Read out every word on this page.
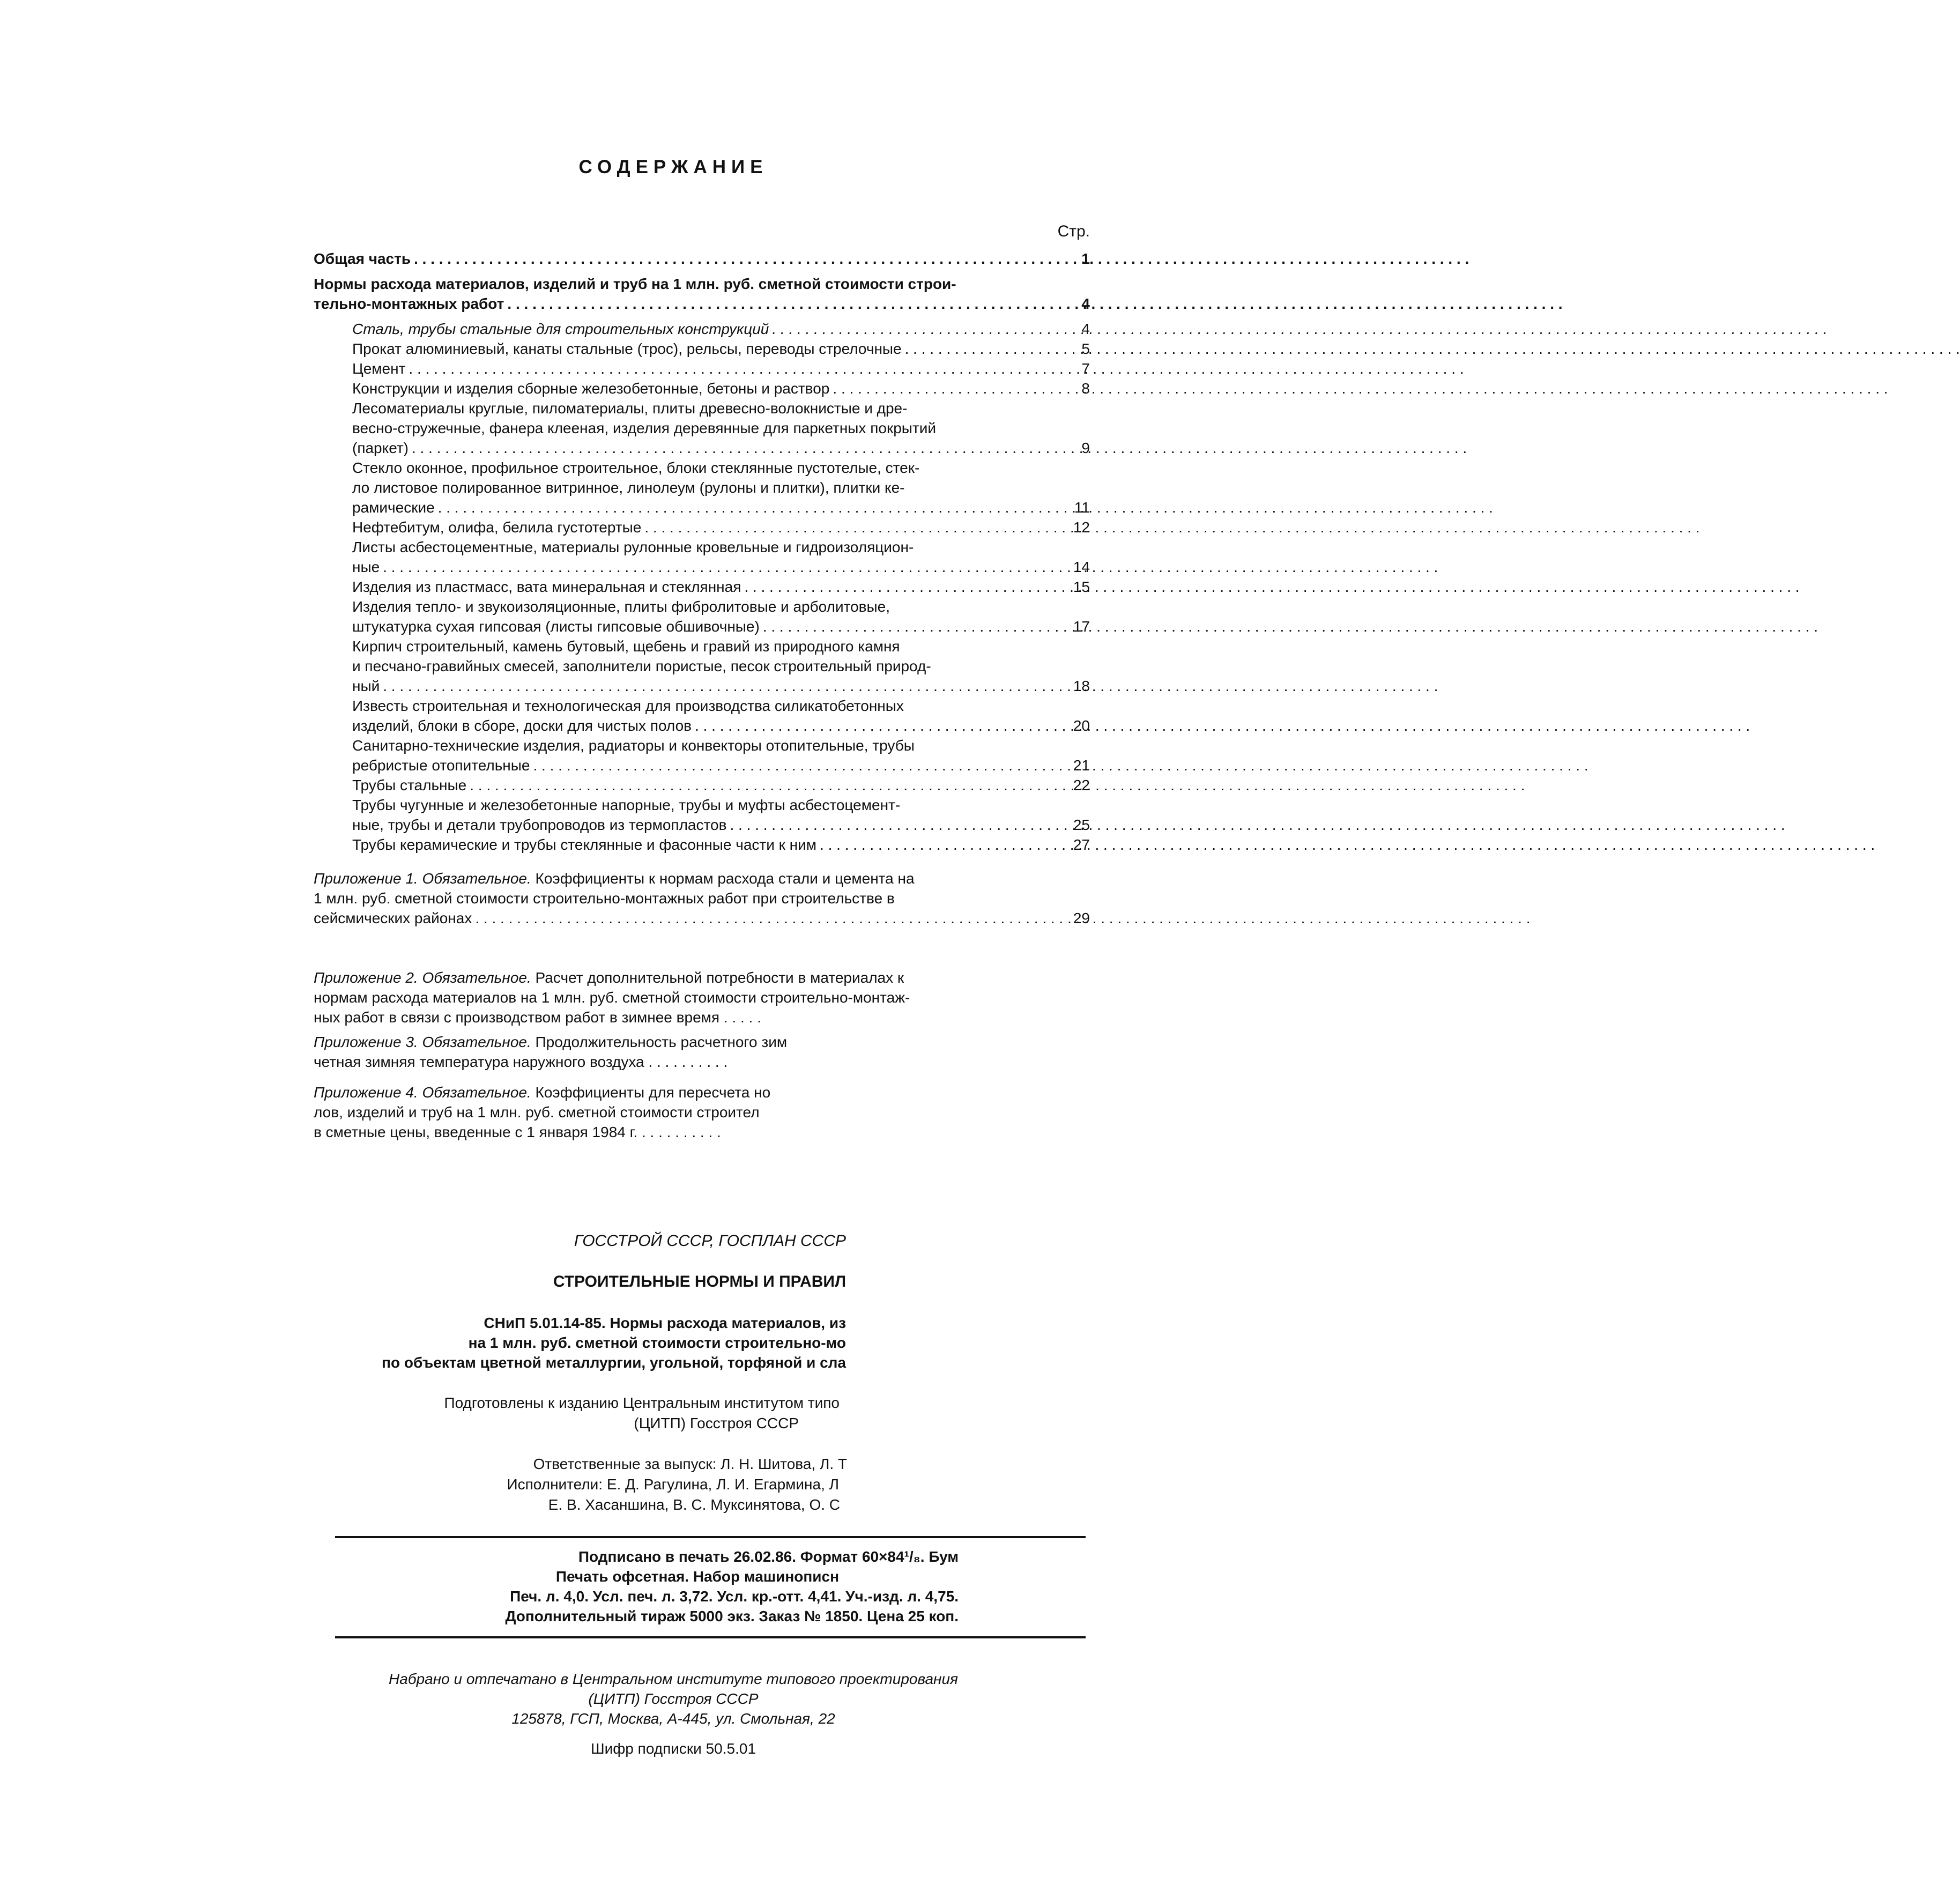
СОДЕРЖАНИЕ
Стр.
Общая часть . . .	1
Нормы расхода материалов, изделий и труб на 1 млн. руб. сметной стоимости строи-
тельно-монтажных работ . . .	4
Сталь, трубы стальные для строительных конструкций . . .	4
Прокат алюминиевый, канаты стальные (трос), рельсы, переводы стрелочные . . .	5
Цемент . . .	7
Конструкции и изделия сборные железобетонные, бетоны и раствор . . .	8
Лесоматериалы круглые, пиломатериалы, плиты древесно-волокнистые и дре-
весно-стружечные, фанера клееная, изделия деревянные для паркетных покрытий
(паркет) . . .	9
Стекло оконное, профильное строительное, блоки стеклянные пустотелые, стек-
ло листовое полированное витринное, линолеум (рулоны и плитки), плитки ке-
рамические . . .	11
Нефтебитум, олифа, белила густотертые . . .	12
Листы асбестоцементные, материалы рулонные кровельные и гидроизоляцион-
ные . . .	14
Изделия из пластмасс, вата минеральная и стеклянная . . .	15
Изделия тепло- и звукоизоляционные, плиты фибролитовые и арболитовые,
штукатурка сухая гипсовая (листы гипсовые обшивочные) . . .	17
Кирпич строительный, камень бутовый, щебень и гравий из природного камня
и песчано-гравийных смесей, заполнители пористые, песок строительный природ-
ный . . .	18
Известь строительная и технологическая для производства силикатобетонных
изделий, блоки в сборе, доски для чистых полов . . .	20
Санитарно-технические изделия, радиаторы и конвекторы отопительные, трубы
ребристые отопительные . . .	21
Трубы стальные . . .	22
Трубы чугунные и железобетонные напорные, трубы и муфты асбестоцемент-
ные, трубы и детали трубопроводов из термопластов . . .	25
Трубы керамические и трубы стеклянные и фасонные части к ним . . .	27
Приложение 1. Обязательное. Коэффициенты к нормам расхода стали и цемента на
1 млн. руб. сметной стоимости строительно-монтажных работ при строительстве в
сейсмических районах . . .	29

Приложение 2. Обязательное. Расчет дополнительной потребности в материалах к
нормам расхода материалов на 1 млн. руб. сметной стоимости строительно-монтаж-
ных работ в связи с производством работ в зимнее время . . . . .

Приложение 3. Обязательное. Продолжительность расчетного зим
четная зимняя температура наружного воздуха . . . . . . . . . .

Приложение 4. Обязательное. Коэффициенты для пересчета но
лов, изделий и труб на 1 млн. руб. сметной стоимости строител
в сметные цены, введенные с 1 января 1984 г. . . . . . . . . . .

ГОССТРОЙ СССР, ГОСПЛАН СССР
СТРОИТЕЛЬНЫЕ НОРМЫ И ПРАВИЛ
СНиП 5.01.14-85. Нормы расхода материалов, из
на 1 млн. руб. сметной стоимости строительно-мо
по объектам цветной металлургии, угольной, торфяной и сла
Подготовлены к изданию Центральным институтом типо
(ЦИТП) Госстроя СССР
Ответственные за выпуск: Л. Н. Шитова, Л. Т
Исполнители: Е. Д. Рагулина, Л. И. Егармина, Л
Е. В. Хасаншина, В. С. Муксинятова, О. С
Подписано в печать 26.02.86. Формат 60×84¹/₈. Бум
Печать офсетная. Набор машинописн
Печ. л. 4,0. Усл. печ. л. 3,72. Усл. кр.-отт. 4,41. Уч.-изд. л. 4,75.
Дополнительный тираж 5000 экз. Заказ № 1850. Цена 25 коп.
Набрано и отпечатано в Центральном институте типового проектирования
(ЦИТП) Госстроя СССР
125878, ГСП, Москва, А-445, ул. Смольная, 22
Шифр подписки 50.5.01
